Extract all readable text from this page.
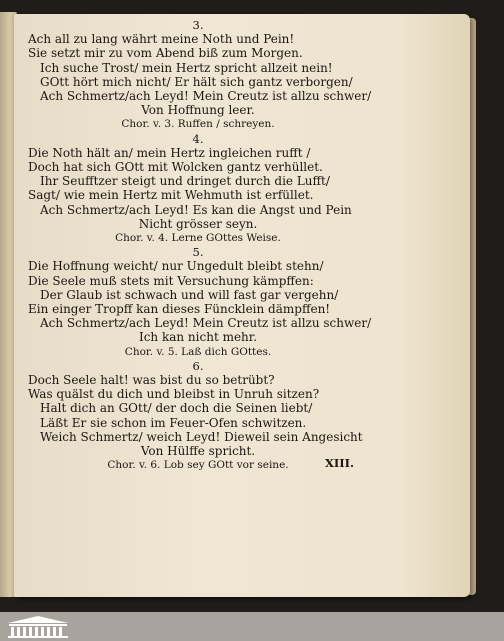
3.
Ach all zu lang währt meine Noth und Pein!
Sie setzt mir zu vom Abend biß zum Morgen.
Ich suche Trost/ mein Hertz spricht allzeit nein!
GOtt hört mich nicht/ Er hält sich gantz verborgen/
Ach Schmertz/ach Leyd! Mein Creutz ist allzu schwer/
Von Hoffnung leer.
Chor. v. 3. Ruffen / schreyen.
4.
Die Noth hält an/ mein Hertz ingleichen rufft /
Doch hat sich GOtt mit Wolcken gantz verhüllet.
Ihr Seufftzer steigt und dringet durch die Lufft/
Sagt/ wie mein Hertz mit Wehmuth ist erfüllet.
Ach Schmertz/ach Leyd! Es kan die Angst und Pein
Nicht grösser seyn.
Chor. v. 4. Lerne GOttes Weise.
5.
Die Hoffnung weicht/ nur Ungedult bleibt stehn/
Die Seele muß stets mit Versuchung kämpffen:
Der Glaub ist schwach und will fast gar vergehn/
Ein einger Tropff kan dieses Füncklein dämpffen!
Ach Schmertz/ach Leyd! Mein Creutz ist allzu schwer/
Ich kan nicht mehr.
Chor. v. 5. Laß dich GOttes.
6.
Doch Seele halt! was bist du so betrübt?
Was quälst du dich und bleibst in Unruh sitzen?
Halt dich an GOtt/ der doch die Seinen liebt/
Läßt Er sie schon im Feuer-Ofen schwitzen.
Weich Schmertz/ weich Leyd! Dieweil sein Angesicht
Von Hülffe spricht.
Chor. v. 6. Lob sey GOtt vor seine.	XIII.
